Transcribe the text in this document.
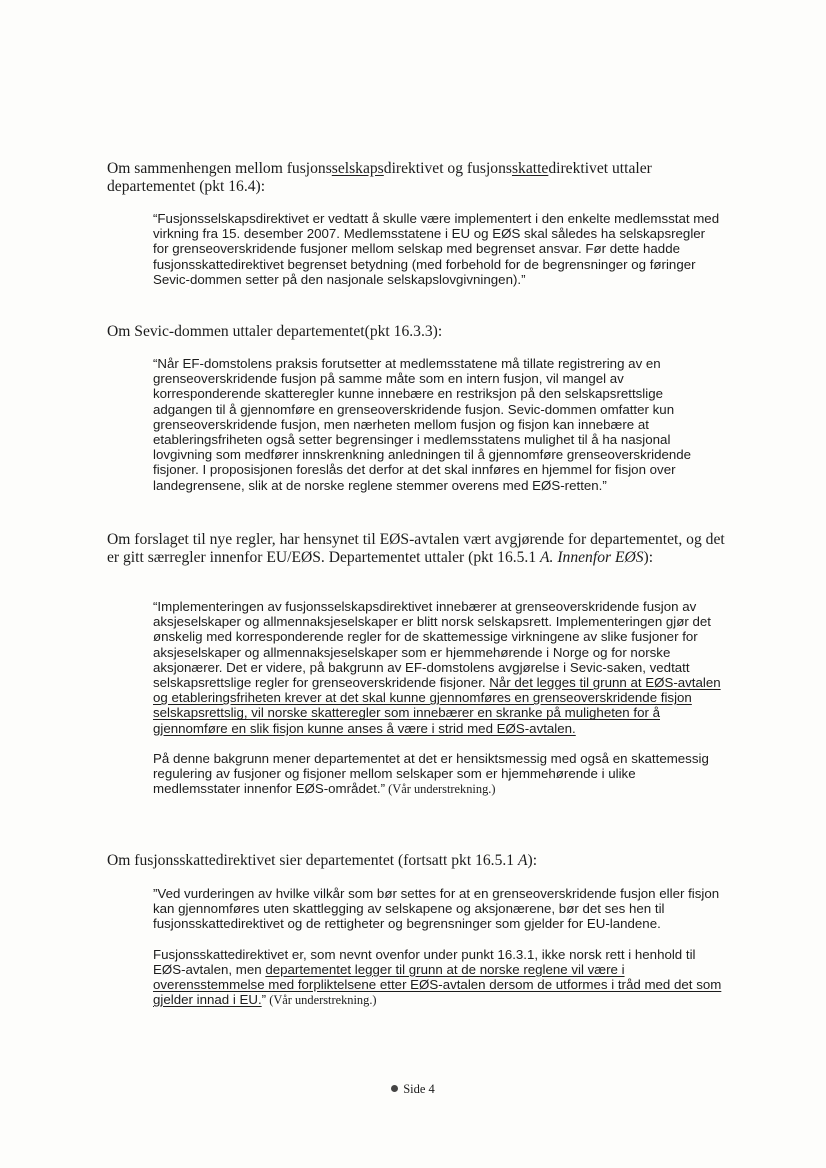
Om sammenhengen mellom fusjonsselskapsdirektivet og fusjonsskattedirektivet uttaler departementet (pkt 16.4):

“Fusjonsselskapsdirektivet er vedtatt å skulle være implementert i den enkelte medlemsstat med virkning fra 15. desember 2007. Medlemsstatene i EU og EØS skal således ha selskapsregler for grenseoverskridende fusjoner mellom selskap med begrenset ansvar. Før dette hadde fusjonsskattedirektivet begrenset betydning (med forbehold for de begrensninger og føringer Sevic-dommen setter på den nasjonale selskapslovgivningen).”

Om Sevic-dommen uttaler departementet(pkt 16.3.3):

“Når EF-domstolens praksis forutsetter at medlemsstatene må tillate registrering av en grenseoverskridende fusjon på samme måte som en intern fusjon, vil mangel av korresponderende skatteregler kunne innebære en restriksjon på den selskapsrettslige adgangen til å gjennomføre en grenseoverskridende fusjon. Sevic-dommen omfatter kun grenseoverskridende fusjon, men nærheten mellom fusjon og fisjon kan innebære at etableringsfriheten også setter begrensinger i medlemsstatens mulighet til å ha nasjonal lovgivning som medfører innskrenkning anledningen til å gjennomføre grenseoverskridende fisjoner. I proposisjonen foreslås det derfor at det skal innføres en hjemmel for fisjon over landegrensene, slik at de norske reglene stemmer overens med EØS-retten.”

Om forslaget til nye regler, har hensynet til EØS-avtalen vært avgjørende for departementet, og det er gitt særregler innenfor EU/EØS. Departementet uttaler (pkt 16.5.1 A. Innenfor EØS):

“Implementeringen av fusjonsselskapsdirektivet innebærer at grenseoverskridende fusjon av aksjeselskaper og allmennaksjeselskaper er blitt norsk selskapsrett. Implementeringen gjør det ønskelig med korresponderende regler for de skattemessige virkningene av slike fusjoner for aksjeselskaper og allmennaksjeselskaper som er hjemmehørende i Norge og for norske aksjonærer. Det er videre, på bakgrunn av EF-domstolens avgjørelse i Sevic-saken, vedtatt selskapsrettslige regler for grenseoverskridende fisjoner. Når det legges til grunn at EØS-avtalen og etableringsfriheten krever at det skal kunne gjennomføres en grenseoverskridende fisjon selskapsrettslig, vil norske skatteregler som innebærer en skranke på muligheten for å gjennomføre en slik fisjon kunne anses å være i strid med EØS-avtalen.

På denne bakgrunn mener departementet at det er hensiktsmessig med også en skattemessig regulering av fusjoner og fisjoner mellom selskaper som er hjemmehørende i ulike medlemsstater innenfor EØS-området.” (Vår understrekning.)

Om fusjonsskattedirektivet sier departementet (fortsatt pkt 16.5.1 A):

”Ved vurderingen av hvilke vilkår som bør settes for at en grenseoverskridende fusjon eller fisjon kan gjennomføres uten skattlegging av selskapene og aksjonærene, bør det ses hen til fusjonsskattedirektivet og de rettigheter og begrensninger som gjelder for EU-landene.

Fusjonsskattedirektivet er, som nevnt ovenfor under punkt 16.3.1, ikke norsk rett i henhold til EØS-avtalen, men departementet legger til grunn at de norske reglene vil være i overensstemmelse med forpliktelsene etter EØS-avtalen dersom de utformes i tråd med det som gjelder innad i EU.” (Vår understrekning.)

Side 4
